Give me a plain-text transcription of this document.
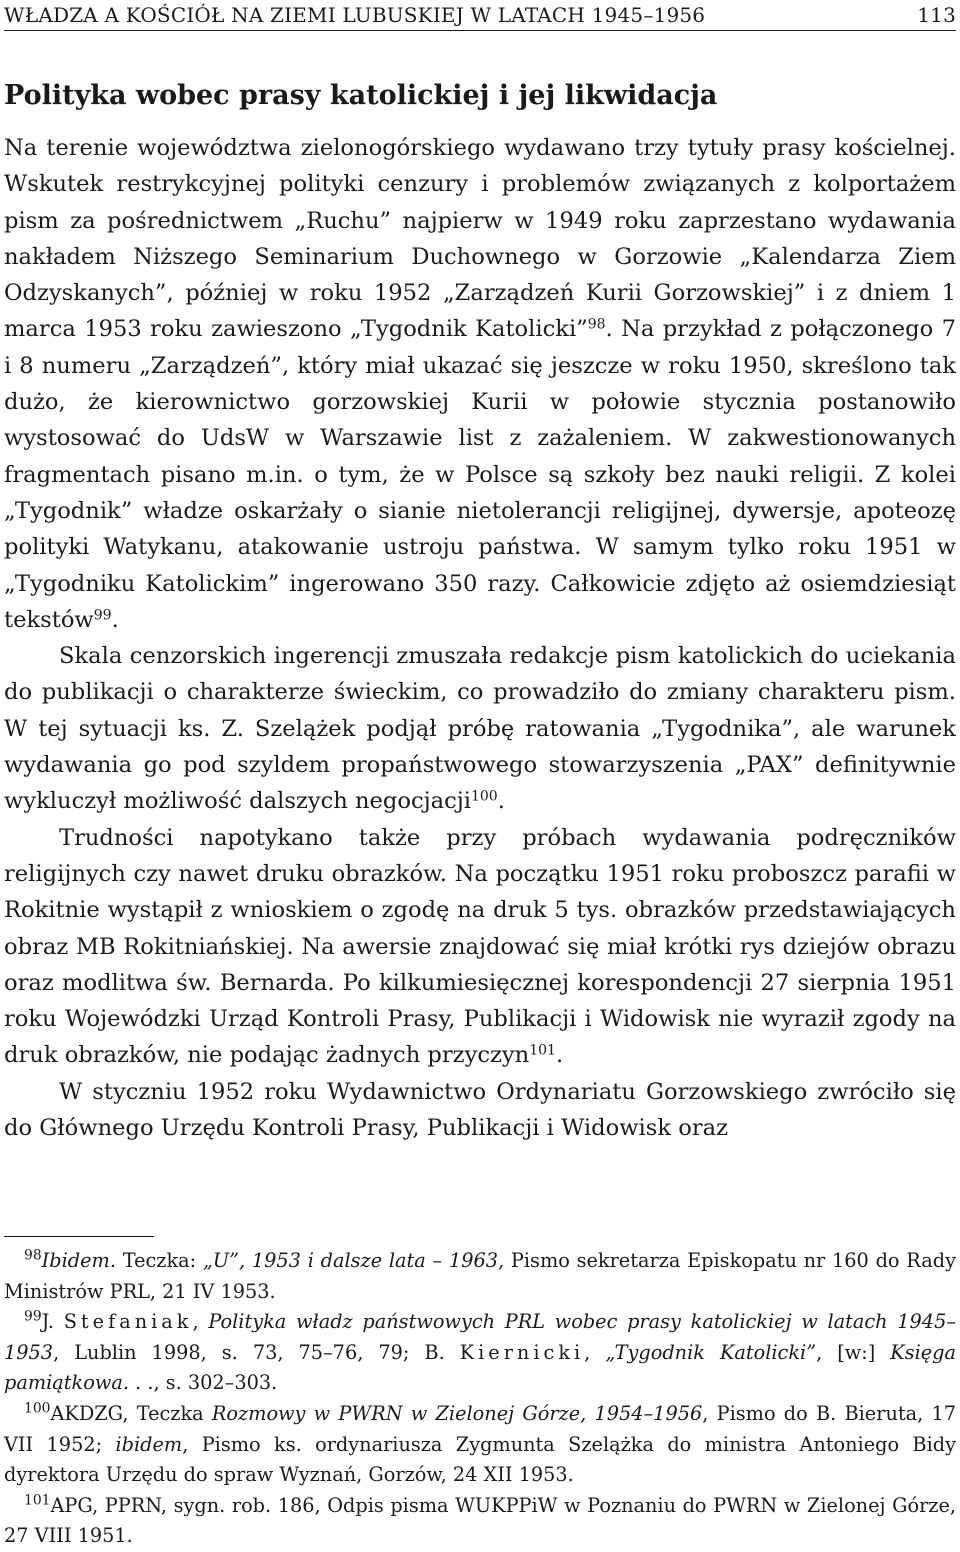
WŁADZA A KOŚCIÓŁ NA ZIEMI LUBUSKIEJ W LATACH 1945–1956	113
Polityka wobec prasy katolickiej i jej likwidacja

Na terenie województwa zielonogórskiego wydawano trzy tytuły prasy kościelnej. Wskutek restrykcyjnej polityki cenzury i problemów związanych z kolportażem pism za pośrednictwem „Ruchu” najpierw w 1949 roku zaprzestano wydawania nakładem Niższego Seminarium Duchownego w Gorzowie „Kalendarza Ziem Odzyskanych”, później w roku 1952 „Zarządzeń Kurii Gorzowskiej” i z dniem 1 marca 1953 roku zawieszono „Tygodnik Katolicki”$^{98}$. Na przykład z połączonego 7 i 8 numeru „Zarządzeń”, który miał ukazać się jeszcze w roku 1950, skreślono tak dużo, że kierownictwo gorzowskiej Kurii w połowie stycznia postanowiło wystosować do UdsW w Warszawie list z zażaleniem. W zakwestionowanych fragmentach pisano m.in. o tym, że w Polsce są szkoły bez nauki religii. Z kolei „Tygodnik” władze oskarżały o sianie nietolerancji religijnej, dywersje, apoteozę polityki Watykanu, atakowanie ustroju państwa. W samym tylko roku 1951 w „Tygodniku Katolickim” ingerowano 350 razy. Całkowicie zdjęto aż osiemdziesiąt tekstów$^{99}$.

Skala cenzorskich ingerencji zmuszała redakcje pism katolickich do uciekania do publikacji o charakterze świeckim, co prowadziło do zmiany charakteru pism. W tej sytuacji ks. Z. Szelążek podjął próbę ratowania „Tygodnika”, ale warunek wydawania go pod szyldem propaństwowego stowarzyszenia „PAX” definitywnie wykluczył możliwość dalszych negocjacji$^{100}$.

Trudności napotykano także przy próbach wydawania podręczników religijnych czy nawet druku obrazków. Na początku 1951 roku proboszcz parafii w Rokitnie wystąpił z wnioskiem o zgodę na druk 5 tys. obrazków przedstawiających obraz MB Rokitniańskiej. Na awersie znajdować się miał krótki rys dziejów obrazu oraz modlitwa św. Bernarda. Po kilkumiesięcznej korespondencji 27 sierpnia 1951 roku Wojewódzki Urząd Kontroli Prasy, Publikacji i Widowisk nie wyraził zgody na druk obrazków, nie podając żadnych przyczyn$^{101}$.

W styczniu 1952 roku Wydawnictwo Ordynariatu Gorzowskiego zwróciło się do Głównego Urzędu Kontroli Prasy, Publikacji i Widowisk oraz

$^{98}$Ibidem. Teczka: „U”, 1953 i dalsze lata – 1963, Pismo sekretarza Episkopatu nr 160 do Rady Ministrów PRL, 21 IV 1953.

$^{99}$J. Stefaniak, Polityka władz państwowych PRL wobec prasy katolickiej w latach 1945–1953, Lublin 1998, s. 73, 75–76, 79; B. Kiernicki, „Tygodnik Katolicki”, [w:] Księga pamiątkowa. . ., s. 302–303.

$^{100}$AKDZG, Teczka Rozmowy w PWRN w Zielonej Górze, 1954–1956, Pismo do B. Bieruta, 17 VII 1952; ibidem, Pismo ks. ordynariusza Zygmunta Szelążka do ministra Antoniego Bidy dyrektora Urzędu do spraw Wyznań, Gorzów, 24 XII 1953.

$^{101}$APG, PPRN, sygn. rob. 186, Odpis pisma WUKPPiW w Poznaniu do PWRN w Zielonej Górze, 27 VIII 1951.
